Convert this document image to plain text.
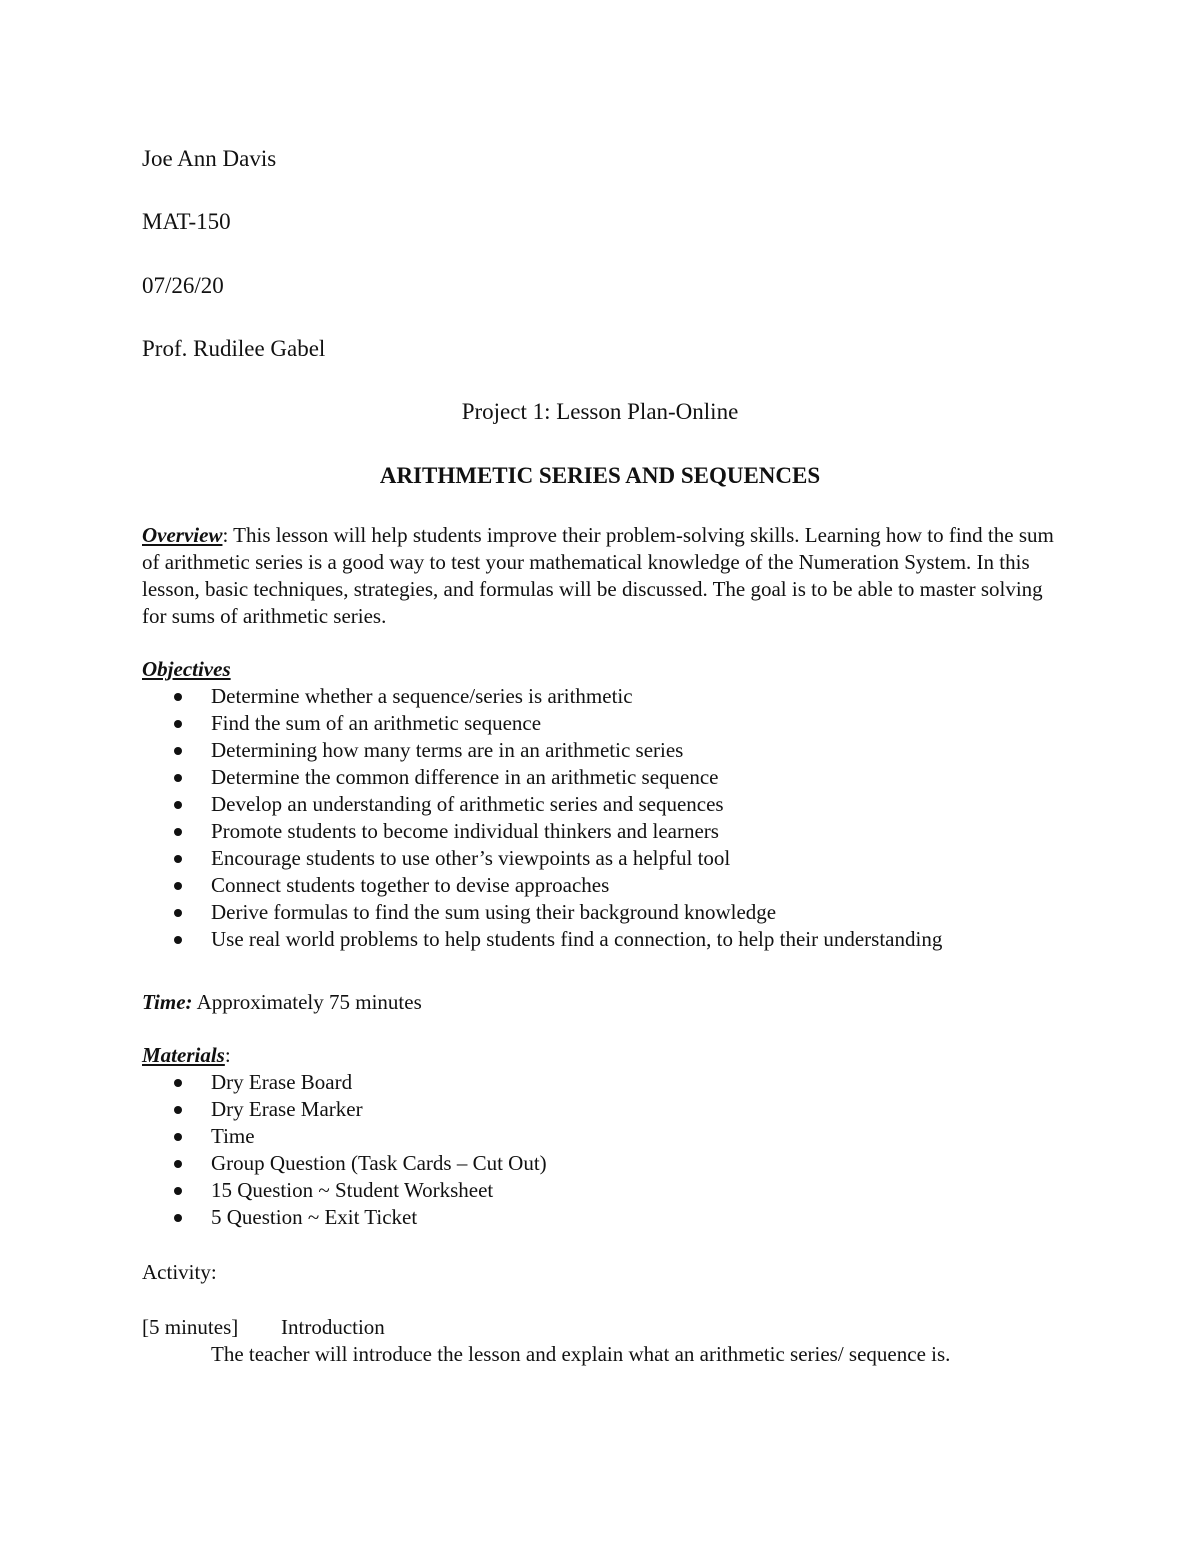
Joe Ann Davis
MAT-150
07/26/20
Prof. Rudilee Gabel
Project 1: Lesson Plan-Online
ARITHMETIC SERIES AND SEQUENCES

Overview: This lesson will help students improve their problem-solving skills. Learning how to find the sum of arithmetic series is a good way to test your mathematical knowledge of the Numeration System. In this lesson, basic techniques, strategies, and formulas will be discussed. The goal is to be able to master solving for sums of arithmetic series.

Objectives
Determine whether a sequence/series is arithmetic
Find the sum of an arithmetic sequence
Determining how many terms are in an arithmetic series
Determine the common difference in an arithmetic sequence
Develop an understanding of arithmetic series and sequences
Promote students to become individual thinkers and learners
Encourage students to use other’s viewpoints as a helpful tool
Connect students together to devise approaches
Derive formulas to find the sum using their background knowledge
Use real world problems to help students find a connection, to help their understanding
Time: Approximately 75 minutes
Materials:
Dry Erase Board
Dry Erase Marker
Time
Group Question (Task Cards – Cut Out)
15 Question ~ Student Worksheet
5 Question ~ Exit Ticket
Activity:
[5 minutes] Introduction
The teacher will introduce the lesson and explain what an arithmetic series/ sequence is.
